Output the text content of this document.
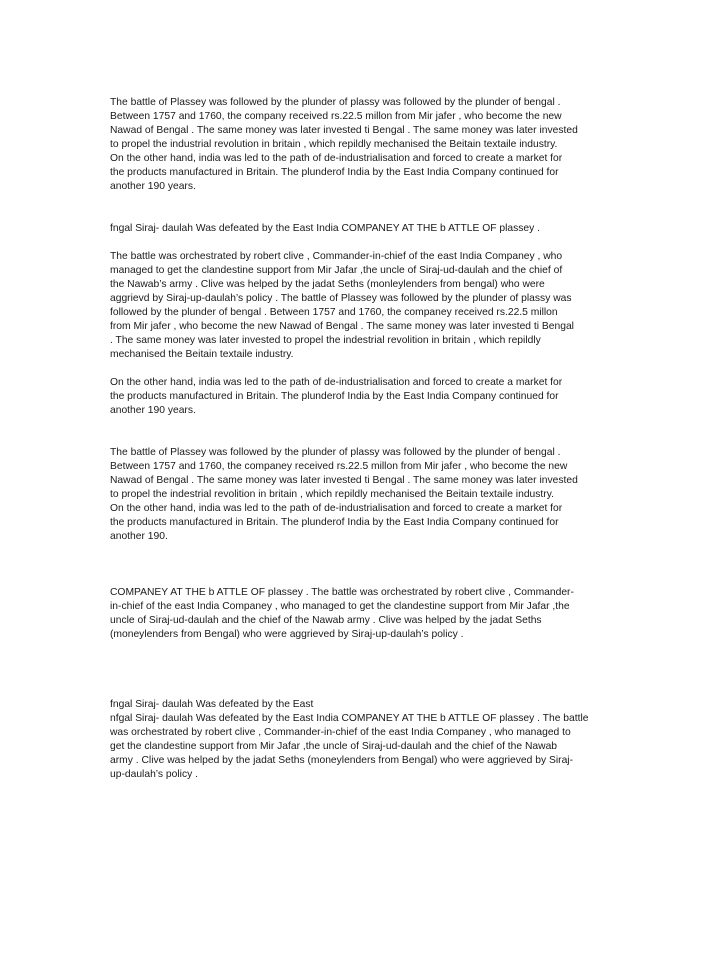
The battle of Plassey was followed by the plunder of plassy was followed by the plunder of bengal .
Between 1757 and 1760, the company received rs.22.5 millon from Mir jafer , who become the new
Nawad of Bengal . The same money was later invested ti Bengal . The same money was later invested
to propel the industrial revolution in britain , which repildly mechanised the Beitain textaile industry.
On the other hand, india was led to the path of de-industrialisation and forced to create a market for
the products manufactured in Britain. The plunderof India by the East India Company continued for
another 190 years.

fngal Siraj- daulah Was defeated by the East India COMPANEY AT THE b ATTLE OF plassey .

The battle was orchestrated by robert clive , Commander-in-chief of the east India Companey , who
managed to get the clandestine support from Mir Jafar ,the uncle of Siraj-ud-daulah and the chief of
the Nawab’s army . Clive was helped by the jadat Seths (monleylenders from bengal) who were
aggrievd by Siraj-up-daulah’s policy . The battle of Plassey was followed by the plunder of plassy was
followed by the plunder of bengal . Between 1757 and 1760, the companey received rs.22.5 millon
from Mir jafer , who become the new Nawad of Bengal . The same money was later invested ti Bengal
. The same money was later invested to propel the indestrial revolition in britain , which repildly
mechanised the Beitain textaile industry.

On the other hand, india was led to the path of de-industrialisation and forced to create a market for
the products manufactured in Britain. The plunderof India by the East India Company continued for
another 190 years.

The battle of Plassey was followed by the plunder of plassy was followed by the plunder of bengal .
Between 1757 and 1760, the companey received rs.22.5 millon from Mir jafer , who become the new
Nawad of Bengal . The same money was later invested ti Bengal . The same money was later invested
to propel the indestrial revolition in britain , which repildly mechanised the Beitain textaile industry.
On the other hand, india was led to the path of de-industrialisation and forced to create a market for
the products manufactured in Britain. The plunderof India by the East India Company continued for
another 190.

COMPANEY AT THE b ATTLE OF plassey . The battle was orchestrated by robert clive , Commander-
in-chief of the east India Companey , who managed to get the clandestine support from Mir Jafar ,the
uncle of Siraj-ud-daulah and the chief of the Nawab army . Clive was helped by the jadat Seths
(moneylenders from Bengal) who were aggrieved by Siraj-up-daulah’s policy .

fngal Siraj- daulah Was defeated by the East
nfgal Siraj- daulah Was defeated by the East India COMPANEY AT THE b ATTLE OF plassey . The battle
was orchestrated by robert clive , Commander-in-chief of the east India Companey , who managed to
get the clandestine support from Mir Jafar ,the uncle of Siraj-ud-daulah and the chief of the Nawab
army . Clive was helped by the jadat Seths (moneylenders from Bengal) who were aggrieved by Siraj-
up-daulah’s policy .
